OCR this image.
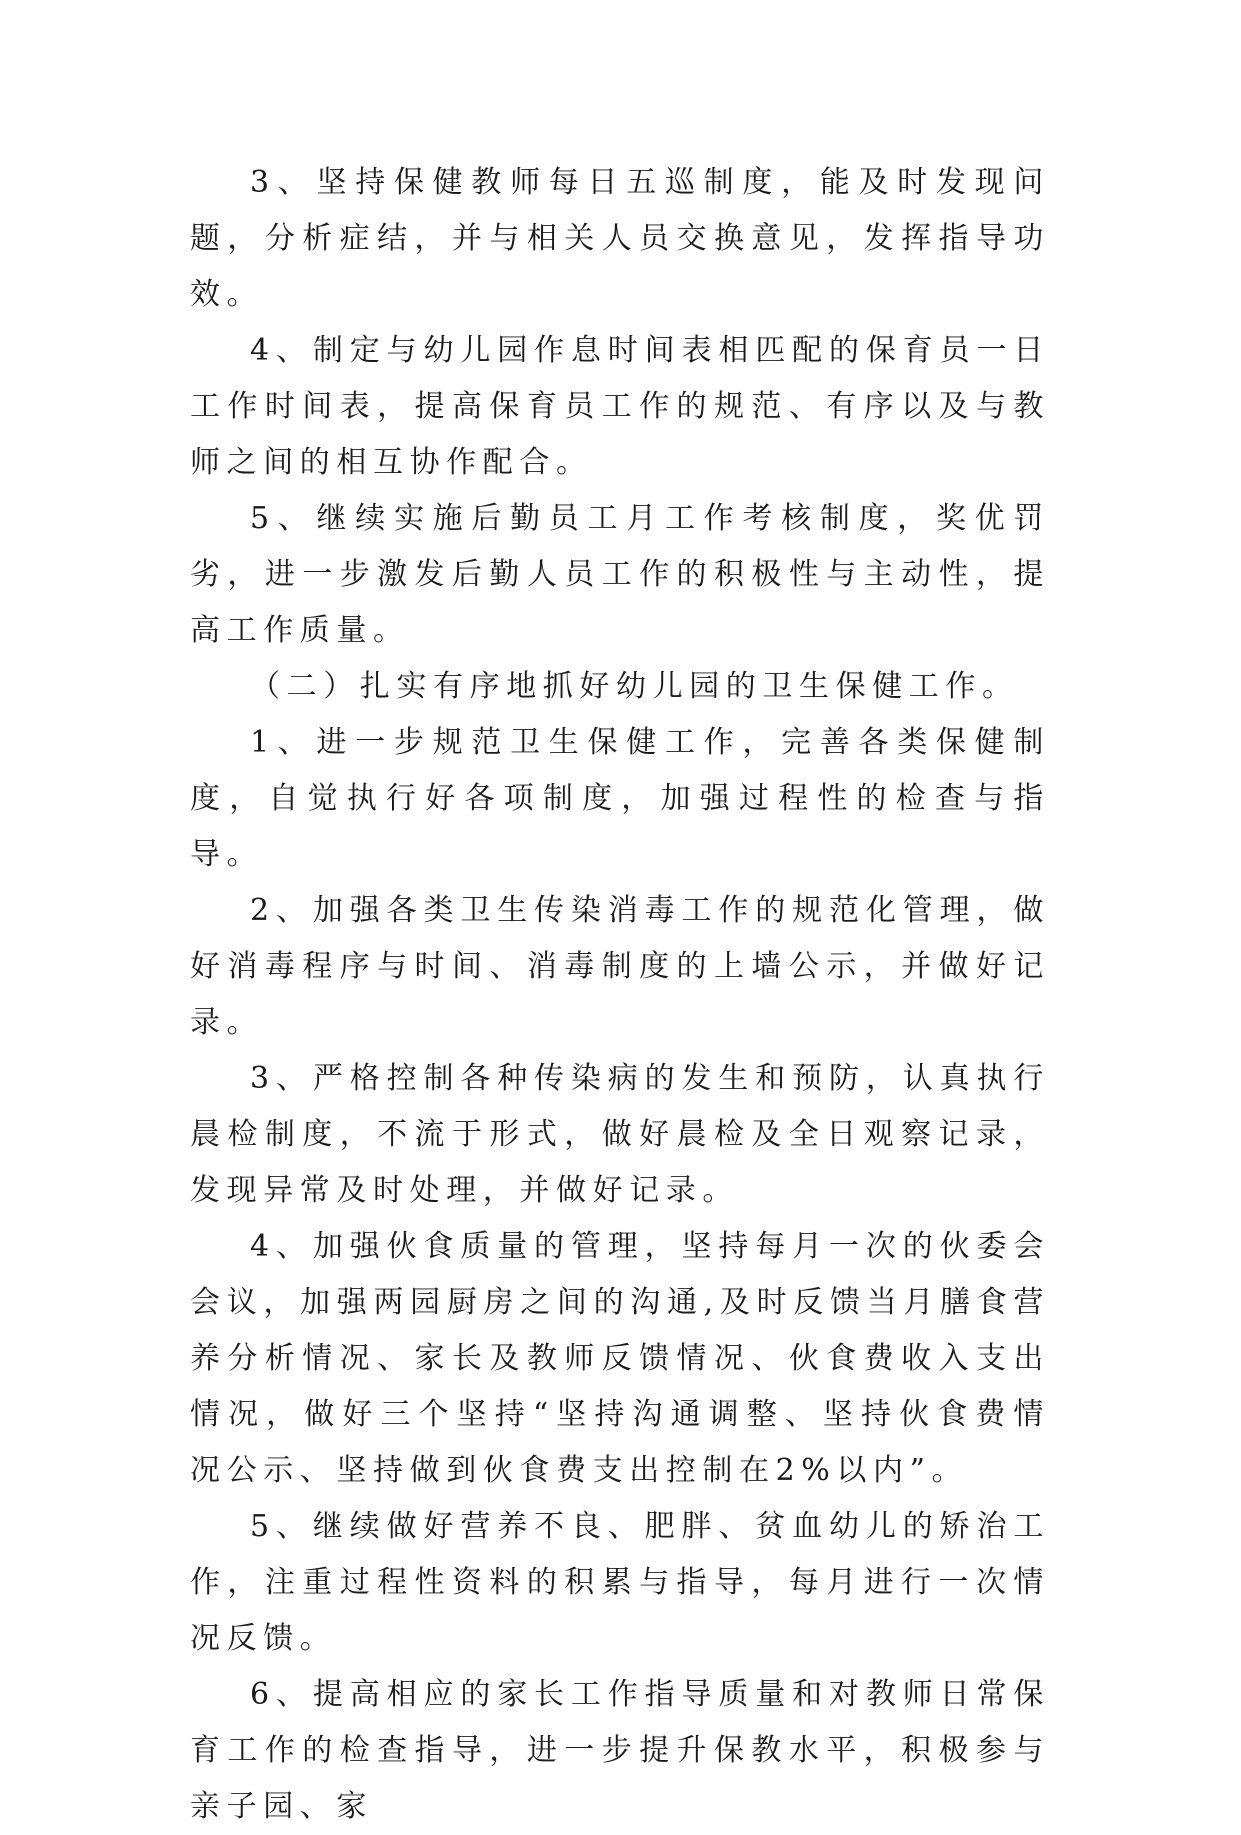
3、坚持保健教师每日五巡制度，能及时发现问题，分析症结，并与相关人员交换意见，发挥指导功效。

4、制定与幼儿园作息时间表相匹配的保育员一日工作时间表，提高保育员工作的规范、有序以及与教师之间的相互协作配合。

5、继续实施后勤员工月工作考核制度，奖优罚劣，进一步激发后勤人员工作的积极性与主动性，提高工作质量。

（二）扎实有序地抓好幼儿园的卫生保健工作。

1、进一步规范卫生保健工作，完善各类保健制度，自觉执行好各项制度，加强过程性的检查与指导。

2、加强各类卫生传染消毒工作的规范化管理，做好消毒程序与时间、消毒制度的上墙公示，并做好记录。

3、严格控制各种传染病的发生和预防，认真执行晨检制度，不流于形式，做好晨检及全日观察记录，发现异常及时处理，并做好记录。

4、加强伙食质量的管理，坚持每月一次的伙委会会议，加强两园厨房之间的沟通,及时反馈当月膳食营养分析情况、家长及教师反馈情况、伙食费收入支出情况，做好三个坚持“坚持沟通调整、坚持伙食费情况公示、坚持做到伙食费支出控制在2%以内”。

5、继续做好营养不良、肥胖、贫血幼儿的矫治工作，注重过程性资料的积累与指导，每月进行一次情况反馈。

6、提高相应的家长工作指导质量和对教师日常保育工作的检查指导，进一步提升保教水平，积极参与亲子园、家
